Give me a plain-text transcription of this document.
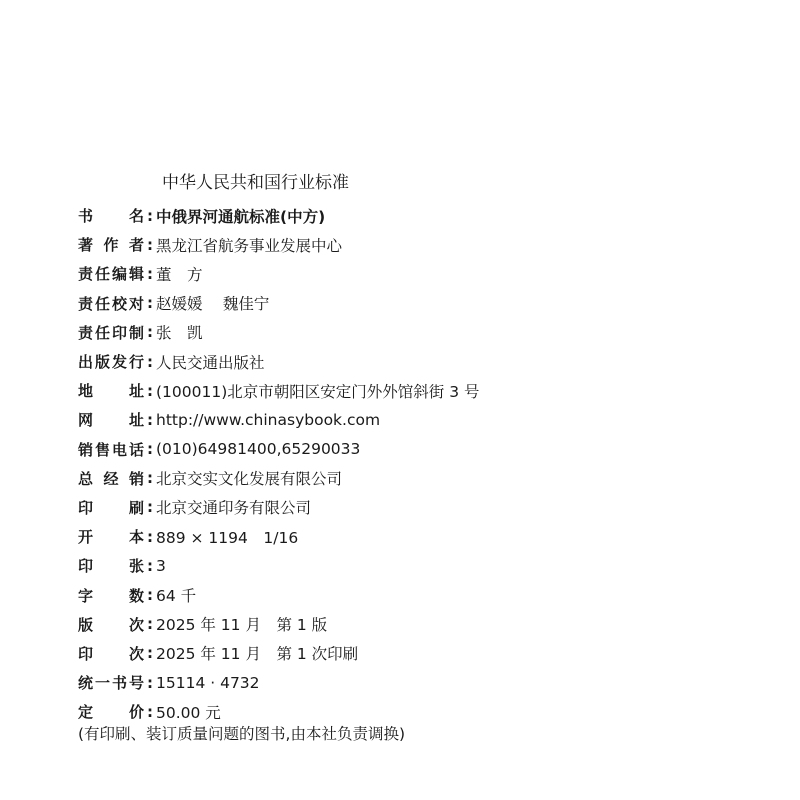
中华人民共和国行业标准
书 名 : 中俄界河通航标准(中方)
著 作 者 : 黑龙江省航务事业发展中心
责 任 编 辑 : 董　方
责 任 校 对 : 赵媛媛　 魏佳宁
责 任 印 制 : 张　凯
出 版 发 行 : 人民交通出版社
地 址 : (100011)北京市朝阳区安定门外外馆斜街 3 号
网 址 : http://www.chinasybook.com
销 售 电 话 : (010)64981400,65290033
总 经 销 : 北京交实文化发展有限公司
印 刷 : 北京交通印务有限公司
开 本 : 889 × 1194　1/16
印 张 : 3
字 数 : 64 千
版 次 : 2025 年 11 月　第 1 版
印 次 : 2025 年 11 月　第 1 次印刷
统 一 书 号 : 15114 · 4732
定 价 : 50.00 元
(有印刷、装订质量问题的图书,由本社负责调换)
